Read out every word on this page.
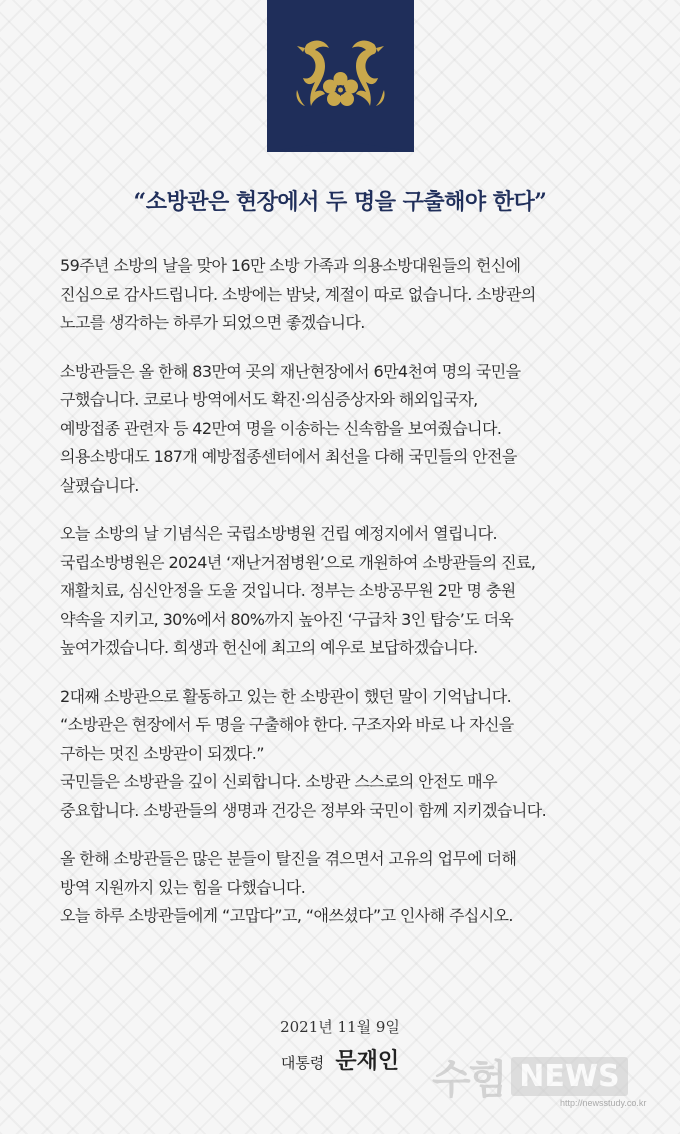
“소방관은 현장에서 두 명을 구출해야 한다”
59주년 소방의 날을 맞아 16만 소방 가족과 의용소방대원들의 헌신에
진심으로 감사드립니다. 소방에는 밤낮, 계절이 따로 없습니다. 소방관의
노고를 생각하는 하루가 되었으면 좋겠습니다.
소방관들은 올 한해 83만여 곳의 재난현장에서 6만4천여 명의 국민을
구했습니다. 코로나 방역에서도 확진·의심증상자와 해외입국자,
예방접종 관련자 등 42만여 명을 이송하는 신속함을 보여줬습니다.
의용소방대도 187개 예방접종센터에서 최선을 다해 국민들의 안전을
살폈습니다.
오늘 소방의 날 기념식은 국립소방병원 건립 예정지에서 열립니다.
국립소방병원은 2024년 ‘재난거점병원’으로 개원하여 소방관들의 진료,
재활치료, 심신안정을 도울 것입니다. 정부는 소방공무원 2만 명 충원
약속을 지키고, 30%에서 80%까지 높아진 ‘구급차 3인 탑승’도 더욱
높여가겠습니다. 희생과 헌신에 최고의 예우로 보답하겠습니다.
2대째 소방관으로 활동하고 있는 한 소방관이 했던 말이 기억납니다.
“소방관은 현장에서 두 명을 구출해야 한다. 구조자와 바로 나 자신을
구하는 멋진 소방관이 되겠다.”
국민들은 소방관을 깊이 신뢰합니다. 소방관 스스로의 안전도 매우
중요합니다. 소방관들의 생명과 건강은 정부와 국민이 함께 지키겠습니다.
올 한해 소방관들은 많은 분들이 탈진을 겪으면서 고유의 업무에 더해
방역 지원까지 있는 힘을 다했습니다.
오늘 하루 소방관들에게 “고맙다”고, “애쓰셨다”고 인사해 주십시오.
2021년 11월 9일
대통령 문재인 수험 NEWS
http://newsstudy.co.kr
